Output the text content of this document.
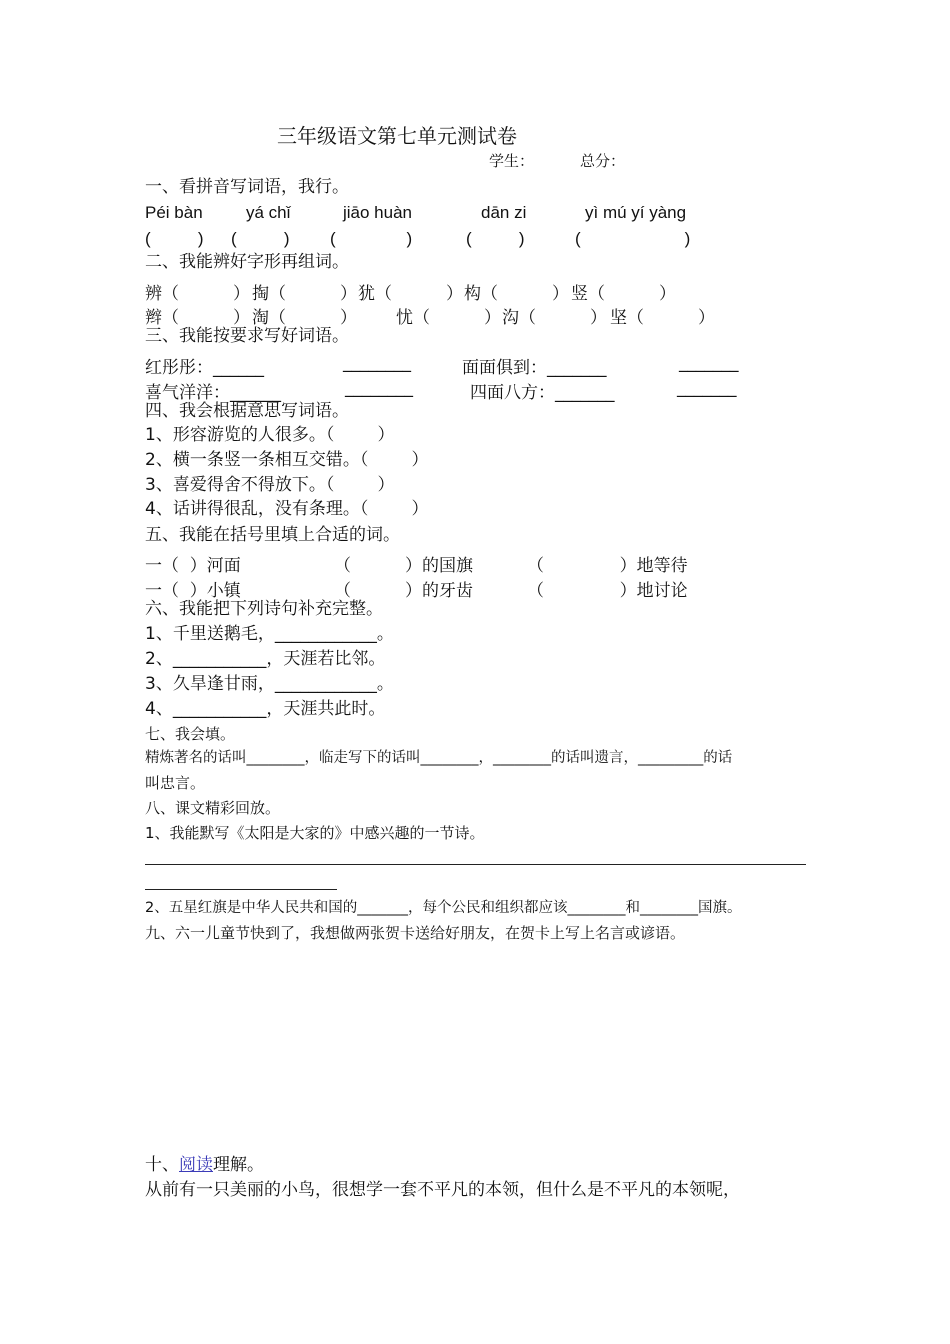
三年级语文第七单元测试卷
学生：	总分：
一、看拼音写词语，我行。
Péi bàn	yá chǐ	jiāo huàn	dān zi	yì mú yí yàng
(          ) (          ) (               )	(          )	(                      )
二、我能辨好字形再组词。
辨（          ） 掏（          ） 犹（          ） 构（          ） 竖（          ）
辫（          ） 淘（          ） 忧（          ） 沟（          ） 坚（          ）
三、我能按要求写好词语。
红彤彤：______	________	面面俱到：_______	_______
喜气洋洋：______	________	四面八方：_______	_______
四、我会根据意思写词语。
1、形容游览的人很多。（        ）
2、横一条竖一条相互交错。（        ）
3、喜爱得舍不得放下。（        ）
4、话讲得很乱，没有条理。（        ）
五、我能在括号里填上合适的词。
一（  ）河面	（          ）的国旗	（              ）地等待
一（  ）小镇	（          ）的牙齿	（              ）地讨论
六、我能把下列诗句补充完整。
1、千里送鹅毛，____________。
2、___________，天涯若比邻。
3、久旱逢甘雨，____________。
4、___________，天涯共此时。
七、我会填。
精炼著名的话叫________，临走写下的话叫________，________的话叫遗言，_________的话
叫忠言。
八、课文精彩回放。
1、我能默写《太阳是大家的》中感兴趣的一节诗。
2、五星红旗是中华人民共和国的_______，每个公民和组织都应该________和________国旗。
九、六一儿童节快到了，我想做两张贺卡送给好朋友，在贺卡上写上名言或谚语。
十、阅读理解。
从前有一只美丽的小鸟，很想学一套不平凡的本领，但什么是不平凡的本领呢，
